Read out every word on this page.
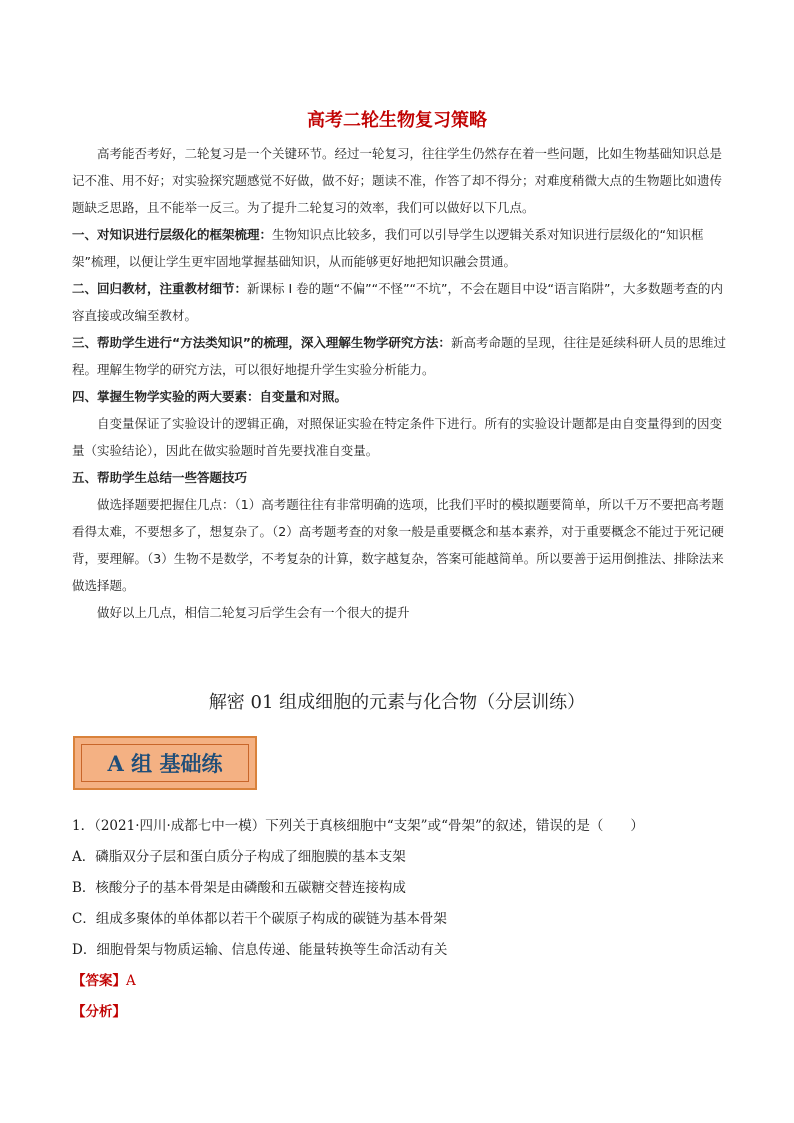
高考二轮生物复习策略

高考能否考好，二轮复习是一个关键环节。经过一轮复习，往往学生仍然存在着一些问题，比如生物基础知识总是记不准、用不好；对实验探究题感觉不好做，做不好；题读不准，作答了却不得分；对难度稍微大点的生物题比如遗传题缺乏思路，且不能举一反三。为了提升二轮复习的效率，我们可以做好以下几点。

一、对知识进行层级化的框架梳理：生物知识点比较多，我们可以引导学生以逻辑关系对知识进行层级化的“知识框架”梳理，以便让学生更牢固地掌握基础知识，从而能够更好地把知识融会贯通。

二、回归教材，注重教材细节：新课标 I 卷的题“不偏”“不怪”“不坑”，不会在题目中设“语言陷阱”，大多数题考查的内容直接或改编至教材。

三、帮助学生进行“方法类知识”的梳理，深入理解生物学研究方法：新高考命题的呈现，往往是延续科研人员的思维过程。理解生物学的研究方法，可以很好地提升学生实验分析能力。

四、掌握生物学实验的两大要素：自变量和对照。

自变量保证了实验设计的逻辑正确，对照保证实验在特定条件下进行。所有的实验设计题都是由自变量得到的因变量（实验结论），因此在做实验题时首先要找准自变量。

五、帮助学生总结一些答题技巧

做选择题要把握住几点：（1）高考题往往有非常明确的选项，比我们平时的模拟题要简单，所以千万不要把高考题看得太难，不要想多了，想复杂了。（2）高考题考查的对象一般是重要概念和基本素养，对于重要概念不能过于死记硬背，要理解。（3）生物不是数学，不考复杂的计算，数字越复杂，答案可能越简单。所以要善于运用倒推法、排除法来做选择题。

做好以上几点，相信二轮复习后学生会有一个很大的提升

解密 01 组成细胞的元素与化合物（分层训练）
A 组 基础练

1．（2021·四川·成都七中一模）下列关于真核细胞中“支架”或“骨架”的叙述，错误的是（　　）

A．磷脂双分子层和蛋白质分子构成了细胞膜的基本支架

B．核酸分子的基本骨架是由磷酸和五碳糖交替连接构成

C．组成多聚体的单体都以若干个碳原子构成的碳链为基本骨架

D．细胞骨架与物质运输、信息传递、能量转换等生命活动有关

【答案】A

【分析】
